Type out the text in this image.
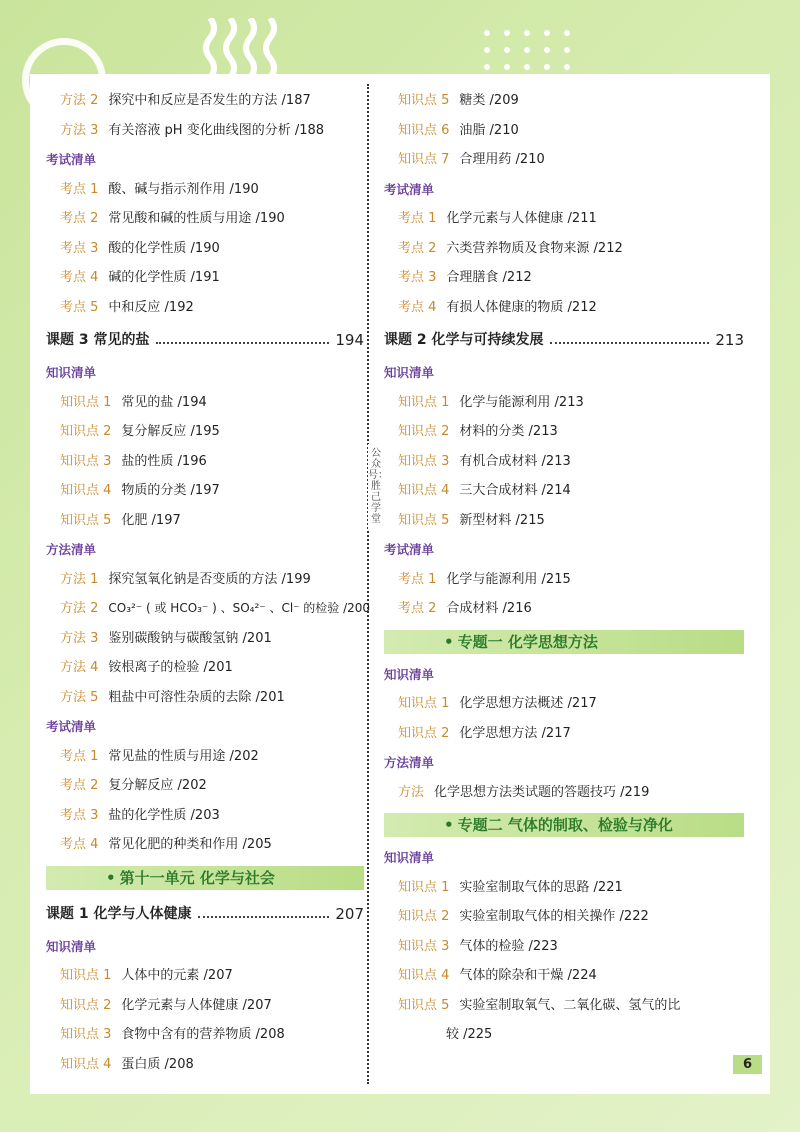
公众号：胜己学堂
方法 2 探究中和反应是否发生的方法 /187
方法 3 有关溶液 pH 变化曲线图的分析 /188
考试清单
考点 1 酸、碱与指示剂作用 /190
考点 2 常见酸和碱的性质与用途 /190
考点 3 酸的化学性质 /190
考点 4 碱的化学性质 /191
考点 5 中和反应 /192
课题 3 常见的盐	194
知识清单
知识点 1 常见的盐 /194
知识点 2 复分解反应 /195
知识点 3 盐的性质 /196
知识点 4 物质的分类 /197
知识点 5 化肥 /197
方法清单
方法 1 探究氢氧化钠是否变质的方法 /199
方法 2 CO₃²⁻ ( 或 HCO₃⁻ ) 、SO₄²⁻ 、Cl⁻ 的检验 /200
方法 3 鉴别碳酸钠与碳酸氢钠 /201
方法 4 铵根离子的检验 /201
方法 5 粗盐中可溶性杂质的去除 /201
考试清单
考点 1 常见盐的性质与用途 /202
考点 2 复分解反应 /202
考点 3 盐的化学性质 /203
考点 4 常见化肥的种类和作用 /205
• 第十一单元 化学与社会
课题 1 化学与人体健康	207
知识清单
知识点 1 人体中的元素 /207
知识点 2 化学元素与人体健康 /207
知识点 3 食物中含有的营养物质 /208
知识点 4 蛋白质 /208
知识点 5 糖类 /209
知识点 6 油脂 /210
知识点 7 合理用药 /210
考试清单
考点 1 化学元素与人体健康 /211
考点 2 六类营养物质及食物来源 /212
考点 3 合理膳食 /212
考点 4 有损人体健康的物质 /212
课题 2 化学与可持续发展	213
知识清单
知识点 1 化学与能源利用 /213
知识点 2 材料的分类 /213
知识点 3 有机合成材料 /213
知识点 4 三大合成材料 /214
知识点 5 新型材料 /215
考试清单
考点 1 化学与能源利用 /215
考点 2 合成材料 /216
• 专题一 化学思想方法
知识清单
知识点 1 化学思想方法概述 /217
知识点 2 化学思想方法 /217
方法清单
方法 化学思想方法类试题的答题技巧 /219
• 专题二 气体的制取、检验与净化
知识清单
知识点 1 实验室制取气体的思路 /221
知识点 2 实验室制取气体的相关操作 /222
知识点 3 气体的检验 /223
知识点 4 气体的除杂和干燥 /224
知识点 5 实验室制取氧气、二氧化碳、氢气的比
较 /225
6
